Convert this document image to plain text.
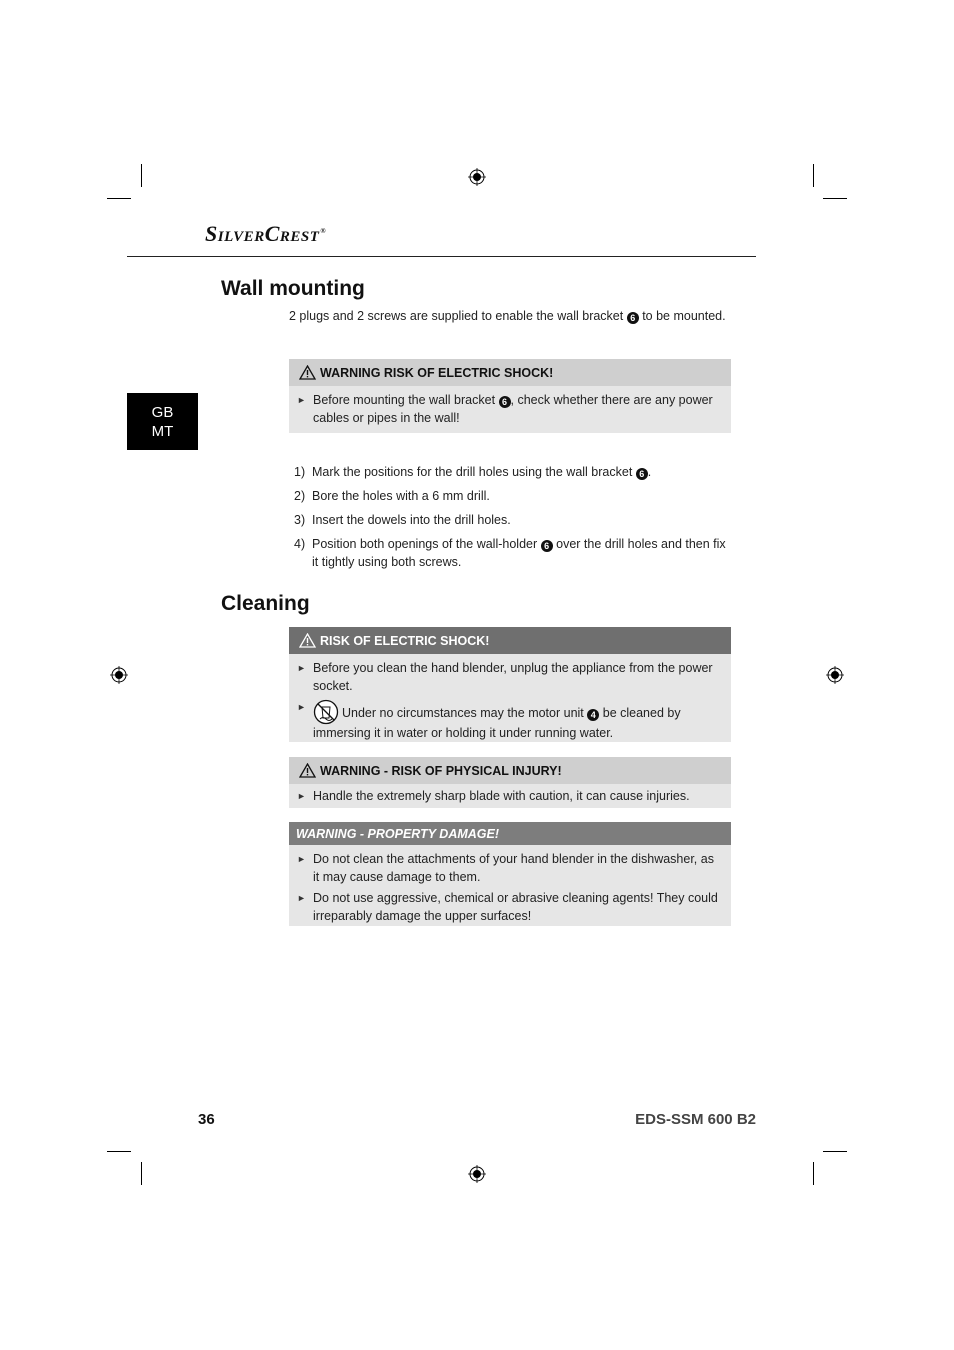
SilverCrest®
GB
MT
Wall mounting
2 plugs and 2 screws are supplied to enable the wall bracket 6 to be mounted.
WARNING RISK OF ELECTRIC SHOCK!
► Before mounting the wall bracket 6 , check whether there are any power cables or pipes in the wall!
1) Mark the positions for the drill holes using the wall bracket 6 .
2) Bore the holes with a 6 mm drill.
3) Insert the dowels into the drill holes.
4) Position both openings of the wall-holder 6 over the drill holes and then fix it tightly using both screws.
Cleaning
RISK OF ELECTRIC SHOCK!
► Before you clean the hand blender, unplug the appliance from the power socket.
►	Under no circumstances may the motor unit 4 be cleaned by immersing it in water or holding it under running water.
WARNING - RISK OF PHYSICAL INJURY!
► Handle the extremely sharp blade with caution, it can cause injuries.
WARNING - PROPERTY DAMAGE!
► Do not clean the attachments of your hand blender in the dishwasher, as it may cause damage to them.
► Do not use aggressive, chemical or abrasive cleaning agents! They could irreparably damage the upper surfaces!
36	EDS-SSM 600 B2
